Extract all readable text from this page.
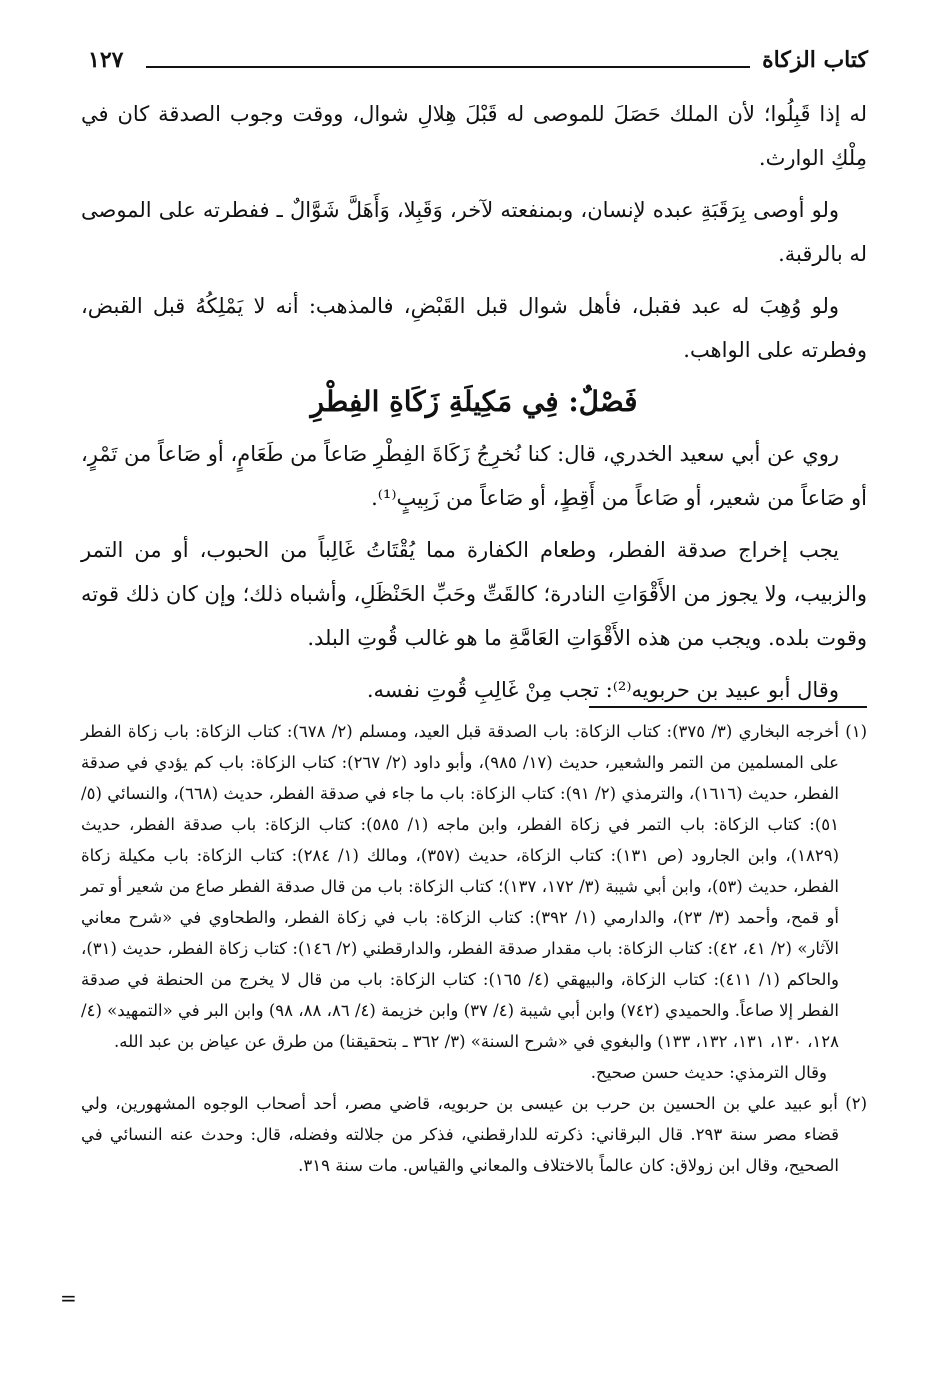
كتاب الزكاة
١٢٧

له إذا قَبِلُوا؛ لأن الملك حَصَلَ للموصى له قَبْلَ هِلالِ شوال، ووقت وجوب الصدقة كان في مِلْكِ الوارث.

ولو أوصى بِرَقَبَةِ عبده لإنسان، وبمنفعته لآخر، وَقَبِلا، وَأَهَلَّ شَوَّالٌ ـ ففطرته على الموصى له بالرقبة.

ولو وُهِبَ له عبد فقبل، فأهل شوال قبل القَبْضِ، فالمذهب: أنه لا يَمْلِكُهُ قبل القبض، وفطرته على الواهب.

فَصْلٌ: فِي مَكِيلَةِ زَكَاةِ الفِطْرِ

روي عن أبي سعيد الخدري، قال: كنا نُخرِجُ زَكَاةَ الفِطْرِ صَاعاً من طَعَامٍ، أو صَاعاً من تَمْرٍ، أو صَاعاً من شعير، أو صَاعاً من أَقِطٍ، أو صَاعاً من زَبِيبٍ⁽¹⁾.

يجب إخراج صدقة الفطر، وطعام الكفارة مما يُقْتَاتُ غَالِباً من الحبوب، أو من التمر والزبيب، ولا يجوز من الأَقْوَاتِ النادرة؛ كالقَتِّ وحَبِّ الحَنْظَلِ، وأشباه ذلك؛ وإن كان ذلك قوته وقوت بلده. ويجب من هذه الأَقْوَاتِ العَامَّةِ ما هو غالب قُوتِ البلد.

وقال أبو عبيد بن حربويه⁽²⁾: تجب مِنْ غَالِبِ قُوتِ نفسه.

(١) أخرجه البخاري (٣/ ٣٧٥): كتاب الزكاة: باب الصدقة قبل العيد، ومسلم (٢/ ٦٧٨): كتاب الزكاة: باب زكاة الفطر على المسلمين من التمر والشعير، حديث (١٧/ ٩٨٥)، وأبو داود (٢/ ٢٦٧): كتاب الزكاة: باب كم يؤدي في صدقة الفطر، حديث (١٦١٦)، والترمذي (٢/ ٩١): كتاب الزكاة: باب ما جاء في صدقة الفطر، حديث (٦٦٨)، والنسائي (٥/ ٥١): كتاب الزكاة: باب التمر في زكاة الفطر، وابن ماجه (١/ ٥٨٥): كتاب الزكاة: باب صدقة الفطر، حديث (١٨٢٩)، وابن الجارود (ص ١٣١): كتاب الزكاة، حديث (٣٥٧)، ومالك (١/ ٢٨٤): كتاب الزكاة: باب مكيلة زكاة الفطر، حديث (٥٣)، وابن أبي شيبة (٣/ ١٧٢، ١٣٧)؛ كتاب الزكاة: باب من قال صدقة الفطر صاع من شعير أو تمر أو قمح، وأحمد (٣/ ٢٣)، والدارمي (١/ ٣٩٢): كتاب الزكاة: باب في زكاة الفطر، والطحاوي في «شرح معاني الآثار» (٢/ ٤١، ٤٢): كتاب الزكاة: باب مقدار صدقة الفطر، والدارقطني (٢/ ١٤٦): كتاب زكاة الفطر، حديث (٣١)، والحاكم (١/ ٤١١): كتاب الزكاة، والبيهقي (٤/ ١٦٥): كتاب الزكاة: باب من قال لا يخرج من الحنطة في صدقة الفطر إلا صاعاً. والحميدي (٧٤٢) وابن أبي شيبة (٤/ ٣٧) وابن خزيمة (٤/ ٨٦، ٨٨، ٩٨) وابن البر في «التمهيد» (٤/ ١٢٨، ١٣٠، ١٣١، ١٣٢، ١٣٣) والبغوي في «شرح السنة» (٣/ ٣٦٢ ـ بتحقيقنا) من طرق عن عياض بن عبد الله.

وقال الترمذي: حديث حسن صحيح.

(٢) أبو عبيد علي بن الحسين بن حرب بن عيسى بن حربويه، قاضي مصر، أحد أصحاب الوجوه المشهورين، ولي قضاء مصر سنة ٢٩٣. قال البرقاني: ذكرته للدارقطني، فذكر من جلالته وفضله، قال: وحدث عنه النسائي في الصحيح، وقال ابن زولاق: كان عالماً بالاختلاف والمعاني والقياس. مات سنة ٣١٩.

=
